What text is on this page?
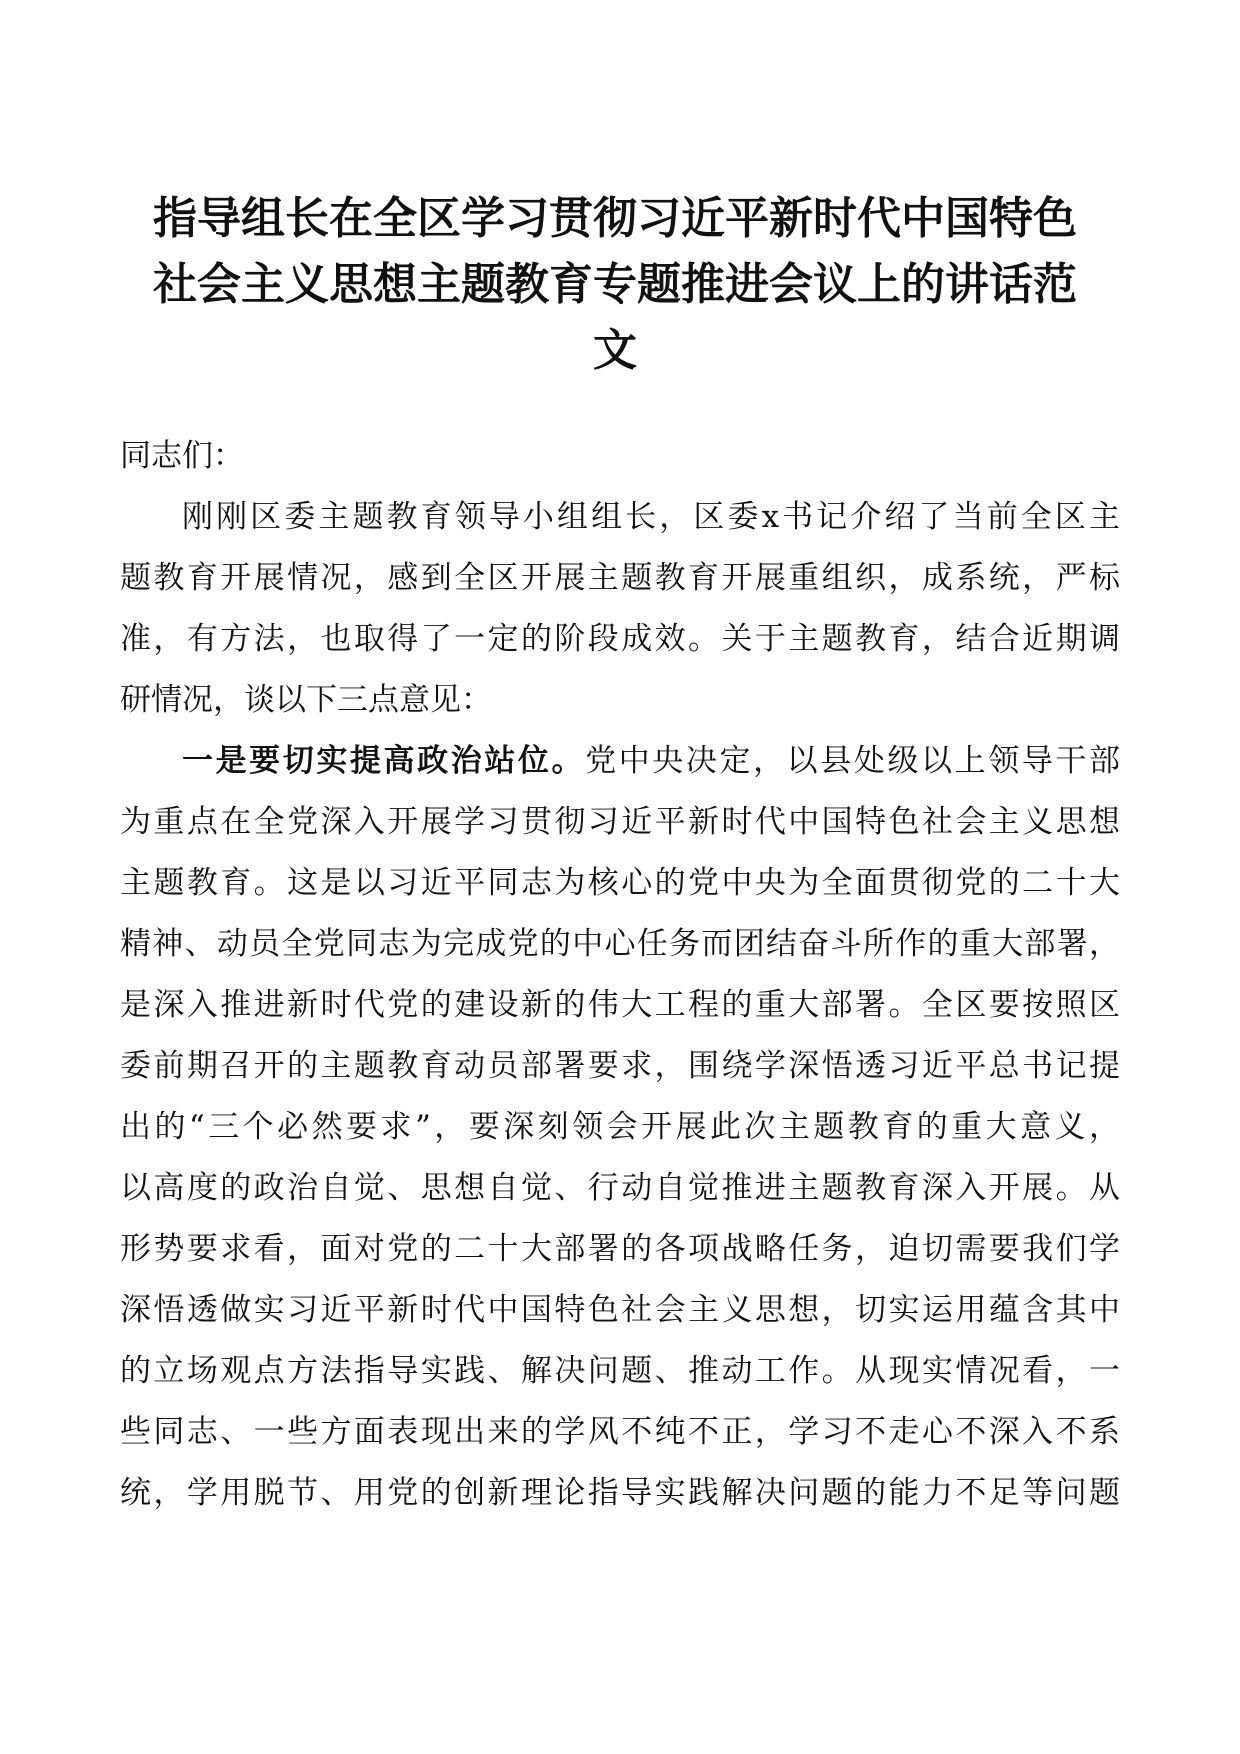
指导组长在全区学习贯彻习近平新时代中国特色
社会主义思想主题教育专题推进会议上的讲话范
文

同志们：

刚刚区委主题教育领导小组组长，区委x书记介绍了当前全区主
题教育开展情况，感到全区开展主题教育开展重组织，成系统，严标
准，有方法，也取得了一定的阶段成效。关于主题教育，结合近期调
研情况，谈以下三点意见：

一是要切实提高政治站位。党中央决定，以县处级以上领导干部
为重点在全党深入开展学习贯彻习近平新时代中国特色社会主义思想
主题教育。这是以习近平同志为核心的党中央为全面贯彻党的二十大
精神、动员全党同志为完成党的中心任务而团结奋斗所作的重大部署，
是深入推进新时代党的建设新的伟大工程的重大部署。全区要按照区
委前期召开的主题教育动员部署要求，围绕学深悟透习近平总书记提
出的“三个必然要求”，要深刻领会开展此次主题教育的重大意义，
以高度的政治自觉、思想自觉、行动自觉推进主题教育深入开展。从
形势要求看，面对党的二十大部署的各项战略任务，迫切需要我们学
深悟透做实习近平新时代中国特色社会主义思想，切实运用蕴含其中
的立场观点方法指导实践、解决问题、推动工作。从现实情况看，一
些同志、一些方面表现出来的学风不纯不正，学习不走心不深入不系
统，学用脱节、用党的创新理论指导实践解决问题的能力不足等问题
